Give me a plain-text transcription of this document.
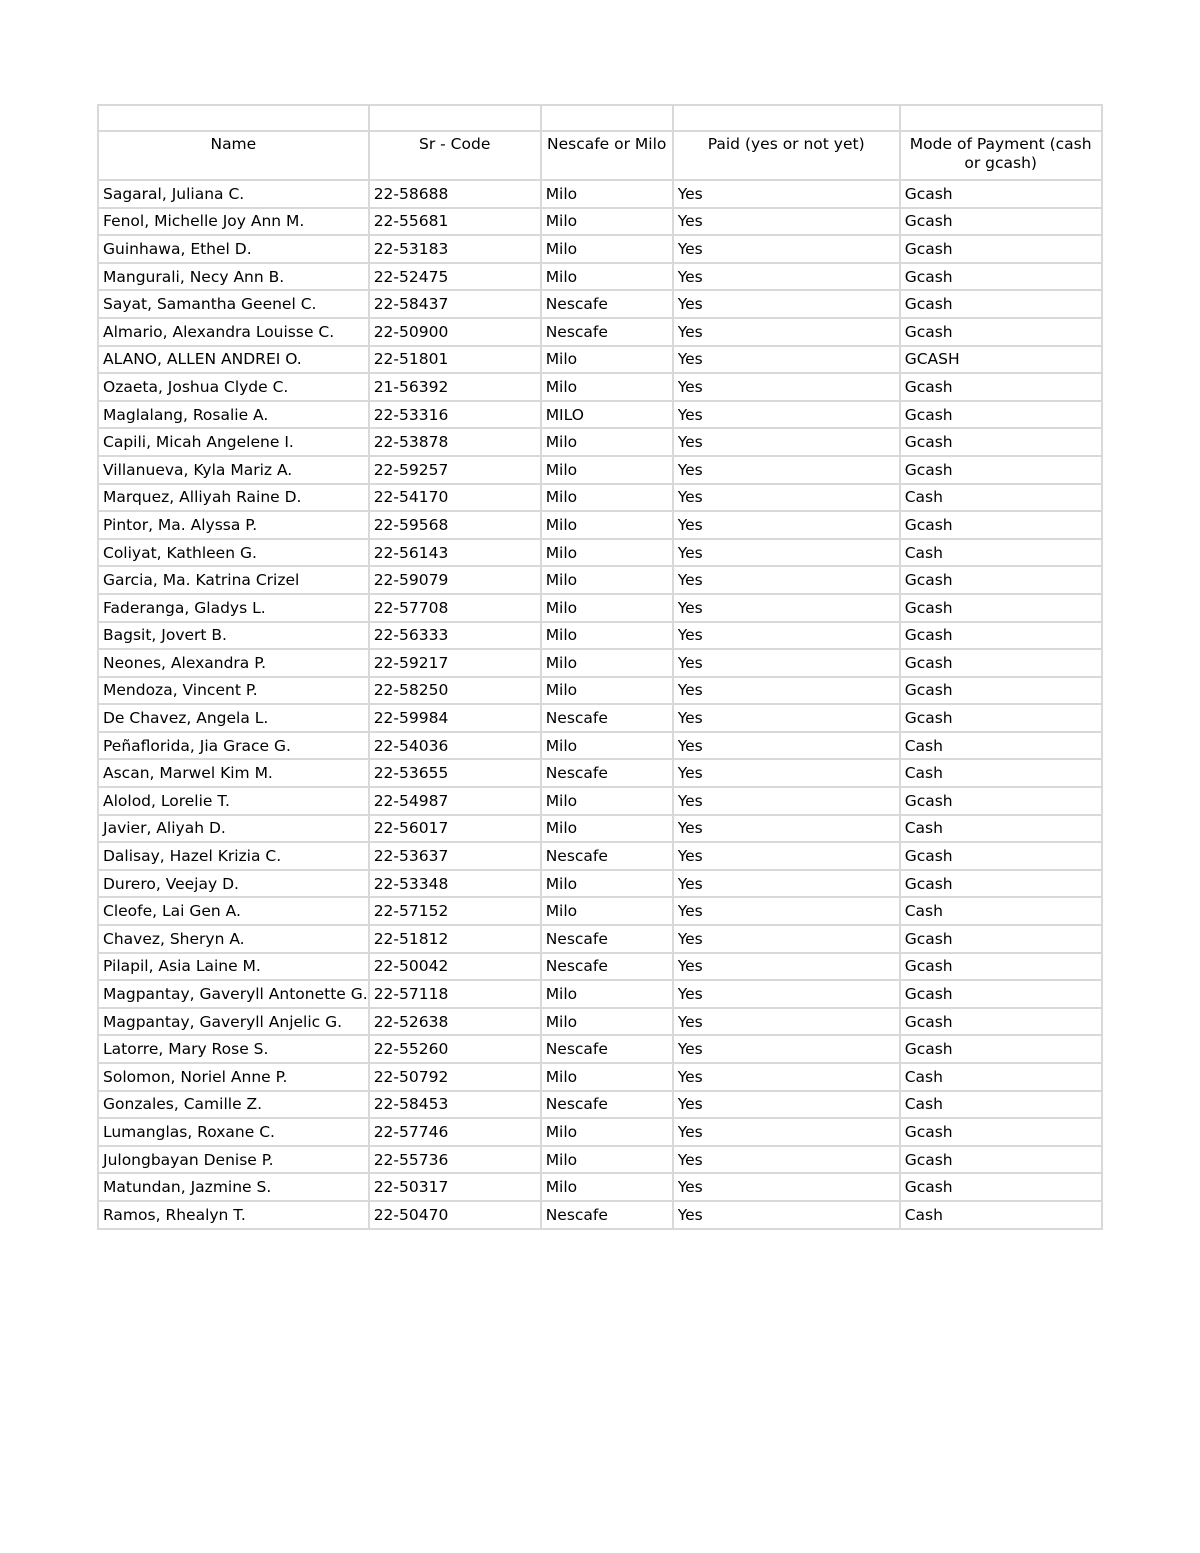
Name	Sr - Code	Nescafe or Milo	Paid (yes or not yet)	Mode of Payment (cash or gcash)
Sagaral, Juliana C.	22-58688	Milo	Yes	Gcash
Fenol, Michelle Joy Ann M.	22-55681	Milo	Yes	Gcash
Guinhawa, Ethel D.	22-53183	Milo	Yes	Gcash
Mangurali, Necy Ann B.	22-52475	Milo	Yes	Gcash
Sayat, Samantha Geenel C.	22-58437	Nescafe	Yes	Gcash
Almario, Alexandra Louisse C.	22-50900	Nescafe	Yes	Gcash
ALANO, ALLEN ANDREI O.	22-51801	Milo	Yes	GCASH
Ozaeta, Joshua Clyde C.	21-56392	Milo	Yes	Gcash
Maglalang, Rosalie A.	22-53316	MILO	Yes	Gcash
Capili, Micah Angelene I.	22-53878	Milo	Yes	Gcash
Villanueva, Kyla Mariz A.	22-59257	Milo	Yes	Gcash
Marquez, Alliyah Raine D.	22-54170	Milo	Yes	Cash
Pintor, Ma. Alyssa P.	22-59568	Milo	Yes	Gcash
Coliyat, Kathleen G.	22-56143	Milo	Yes	Cash
Garcia, Ma. Katrina Crizel	22-59079	Milo	Yes	Gcash
Faderanga, Gladys L.	22-57708	Milo	Yes	Gcash
Bagsit, Jovert B.	22-56333	Milo	Yes	Gcash
Neones, Alexandra P.	22-59217	Milo	Yes	Gcash
Mendoza, Vincent P.	22-58250	Milo	Yes	Gcash
De Chavez, Angela L.	22-59984	Nescafe	Yes	Gcash
Peñaflorida, Jia Grace G.	22-54036	Milo	Yes	Cash
Ascan, Marwel Kim M.	22-53655	Nescafe	Yes	Cash
Alolod, Lorelie T.	22-54987	Milo	Yes	Gcash
Javier, Aliyah D.	22-56017	Milo	Yes	Cash
Dalisay, Hazel Krizia C.	22-53637	Nescafe	Yes	Gcash
Durero, Veejay D.	22-53348	Milo	Yes	Gcash
Cleofe, Lai Gen A.	22-57152	Milo	Yes	Cash
Chavez, Sheryn A.	22-51812	Nescafe	Yes	Gcash
Pilapil, Asia Laine M.	22-50042	Nescafe	Yes	Gcash
Magpantay, Gaveryll Antonette G.	22-57118	Milo	Yes	Gcash
Magpantay, Gaveryll Anjelic G.	22-52638	Milo	Yes	Gcash
Latorre, Mary Rose S.	22-55260	Nescafe	Yes	Gcash
Solomon, Noriel Anne P.	22-50792	Milo	Yes	Cash
Gonzales, Camille Z.	22-58453	Nescafe	Yes	Cash
Lumanglas, Roxane C.	22-57746	Milo	Yes	Gcash
Julongbayan Denise P.	22-55736	Milo	Yes	Gcash
Matundan, Jazmine S.	22-50317	Milo	Yes	Gcash
Ramos, Rhealyn T.	22-50470	Nescafe	Yes	Cash
